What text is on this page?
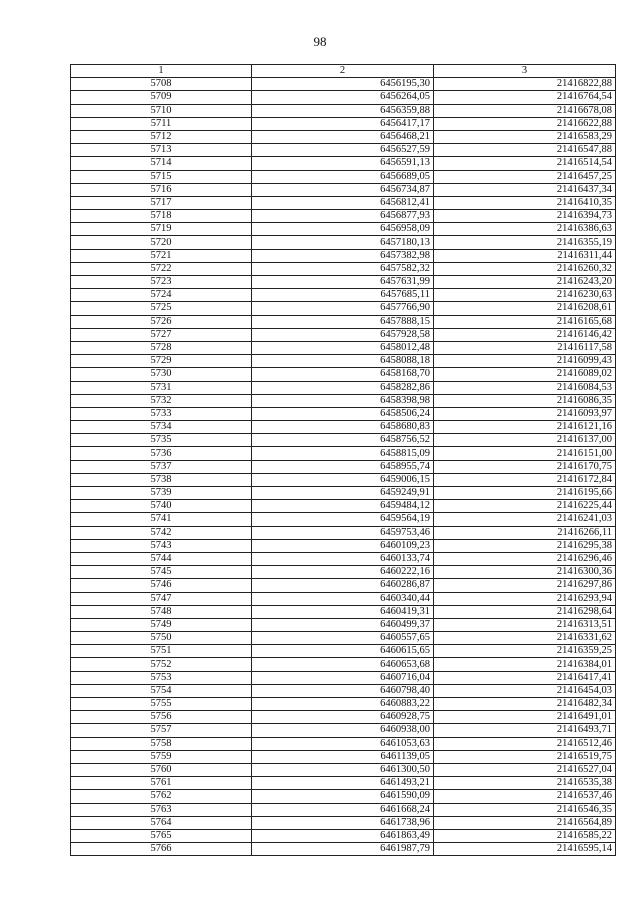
98
1	2	3
5708	6456195,30	21416822,88
5709	6456264,05	21416764,54
5710	6456359,88	21416678,08
5711	6456417,17	21416622,88
5712	6456468,21	21416583,29
5713	6456527,59	21416547,88
5714	6456591,13	21416514,54
5715	6456689,05	21416457,25
5716	6456734,87	21416437,34
5717	6456812,41	21416410,35
5718	6456877,93	21416394,73
5719	6456958,09	21416386,63
5720	6457180,13	21416355,19
5721	6457382,98	21416311,44
5722	6457582,32	21416260,32
5723	6457631,99	21416243,20
5724	6457685,11	21416230,63
5725	6457766,90	21416208,61
5726	6457888,15	21416165,68
5727	6457928,58	21416146,42
5728	6458012,48	21416117,58
5729	6458088,18	21416099,43
5730	6458168,70	21416089,02
5731	6458282,86	21416084,53
5732	6458398,98	21416086,35
5733	6458506,24	21416093,97
5734	6458680,83	21416121,16
5735	6458756,52	21416137,00
5736	6458815,09	21416151,00
5737	6458955,74	21416170,75
5738	6459006,15	21416172,84
5739	6459249,91	21416195,66
5740	6459484,12	21416225,44
5741	6459564,19	21416241,03
5742	6459753,46	21416266,11
5743	6460109,23	21416295,38
5744	6460133,74	21416296,46
5745	6460222,16	21416300,36
5746	6460286,87	21416297,86
5747	6460340,44	21416293,94
5748	6460419,31	21416298,64
5749	6460499,37	21416313,51
5750	6460557,65	21416331,62
5751	6460615,65	21416359,25
5752	6460653,68	21416384,01
5753	6460716,04	21416417,41
5754	6460798,40	21416454,03
5755	6460883,22	21416482,34
5756	6460928,75	21416491,01
5757	6460938,00	21416493,71
5758	6461053,63	21416512,46
5759	6461139,05	21416519,75
5760	6461300,50	21416527,04
5761	6461493,21	21416535,38
5762	6461590,09	21416537,46
5763	6461668,24	21416546,35
5764	6461738,96	21416564,89
5765	6461863,49	21416585,22
5766	6461987,79	21416595,14
